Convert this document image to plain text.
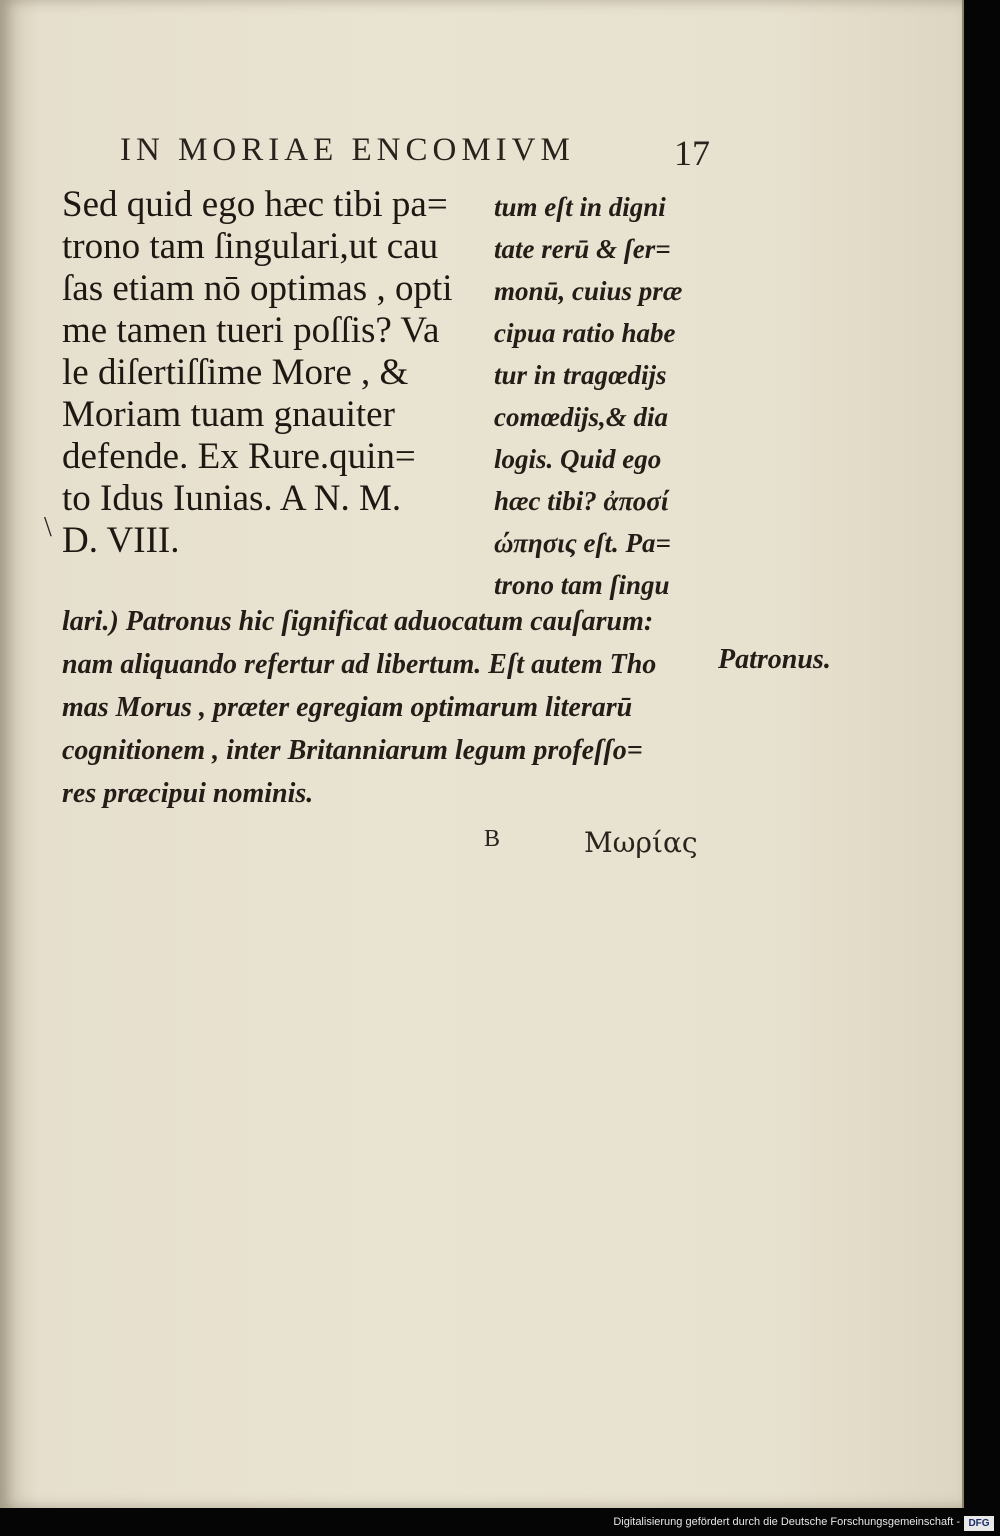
IN MORIAE ENCOMIVM	17
Sed quid ego hæc tibi pa=
trono tam ſingulari,ut cau
ſas etiam nō optimas , opti
me tamen tueri poſſis? Va
le diſertiſſime More , &
Moriam tuam gnauiter
defende. Ex Rure.quin=
to Idus Iunias. A N. M.
D. VIII.
\
tum eſt in digni
tate rerū & ſer=
monū, cuius præ
cipua ratio habe
tur in tragœdijs
comœdijs,& dia
logis. Quid ego
hæc tibi? ἀποσί
ώπησις eſt. Pa=
trono tam ſingu
lari.) Patronus hic ſignificat aduocatum cauſarum:
nam aliquando refertur ad libertum. Eſt autem Tho
mas Morus , præter egregiam optimarum literarū
cognitionem , inter Britanniarum legum profeſſo=
res præcipui nominis.
Patronus.
B	Μωρίας
Digitalisierung gefördert durch die Deutsche Forschungsgemeinschaft - DFG
